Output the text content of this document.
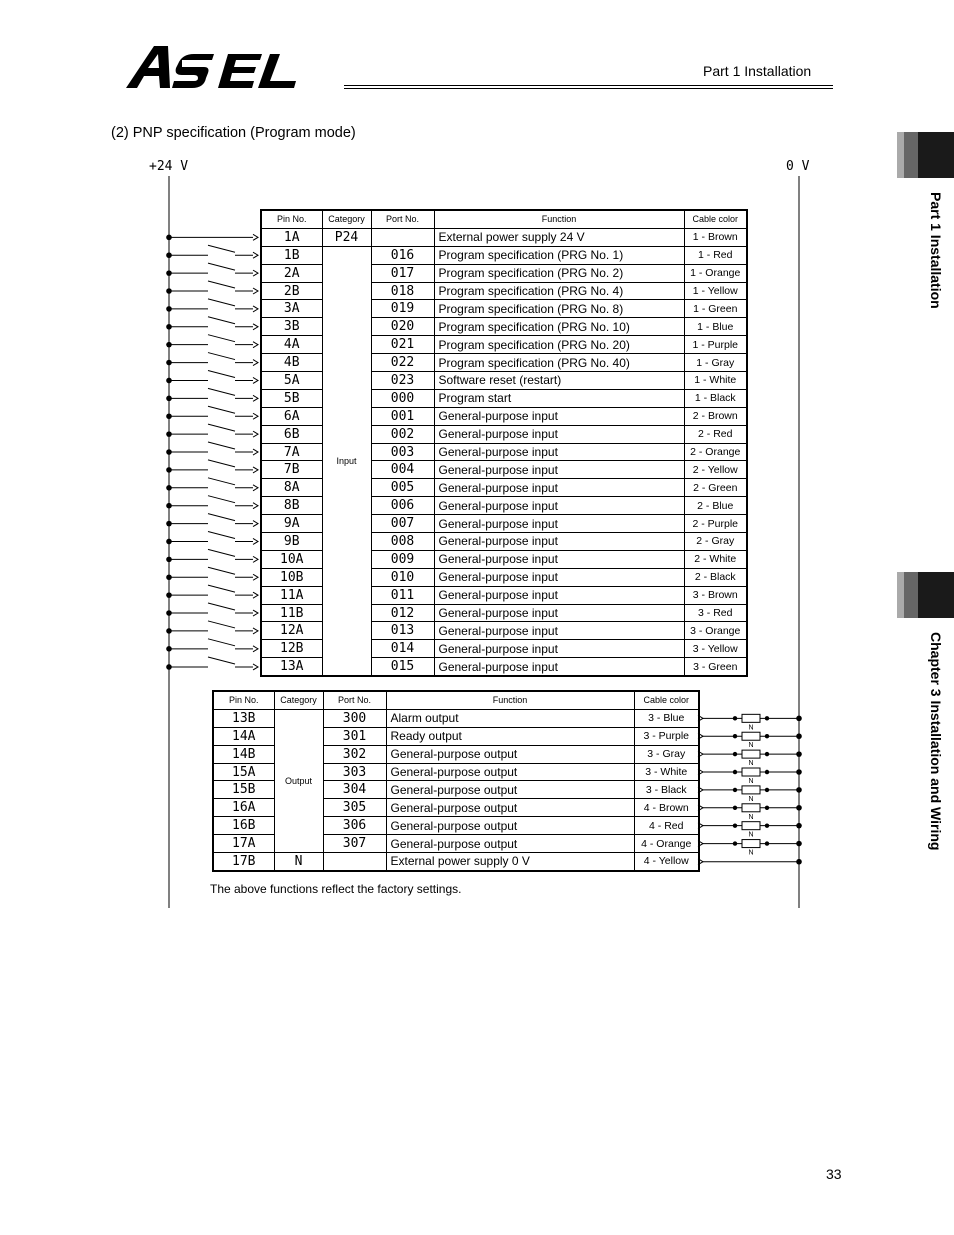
Part 1 Installation
(2) PNP specification (Program mode)
+24 V	0 V
Part 1 Installation
Chapter 3 Installation and Wiring
N
N
N
N
N
N
N
N
Pin No.	Category	Port No.	Function	Cable color
1A	P24		External power supply 24 V	1 - Brown
1B	Input	016	Program specification (PRG No. 1)	1 - Red
2A		017	Program specification (PRG No. 2)	1 - Orange
2B		018	Program specification (PRG No. 4)	1 - Yellow
3A		019	Program specification (PRG No. 8)	1 - Green
3B		020	Program specification (PRG No. 10)	1 - Blue
4A		021	Program specification (PRG No. 20)	1 - Purple
4B		022	Program specification (PRG No. 40)	1 - Gray
5A		023	Software reset (restart)	1 - White
5B		000	Program start	1 - Black
6A		001	General-purpose input	2 - Brown
6B		002	General-purpose input	2 - Red
7A		003	General-purpose input	2 - Orange
7B		004	General-purpose input	2 - Yellow
8A		005	General-purpose input	2 - Green
8B		006	General-purpose input	2 - Blue
9A		007	General-purpose input	2 - Purple
9B		008	General-purpose input	2 - Gray
10A		009	General-purpose input	2 - White
10B		010	General-purpose input	2 - Black
11A		011	General-purpose input	3 - Brown
11B		012	General-purpose input	3 - Red
12A		013	General-purpose input	3 - Orange
12B		014	General-purpose input	3 - Yellow
13A		015	General-purpose input	3 - Green
Pin No.	Category	Port No.	Function	Cable color
13B	Output	300	Alarm output	3 - Blue
14A		301	Ready output	3 - Purple
14B		302	General-purpose output	3 - Gray
15A		303	General-purpose output	3 - White
15B		304	General-purpose output	3 - Black
16A		305	General-purpose output	4 - Brown
16B		306	General-purpose output	4 - Red
17A		307	General-purpose output	4 - Orange
17B	N		External power supply 0 V	4 - Yellow
The above functions reflect the factory settings.
33
